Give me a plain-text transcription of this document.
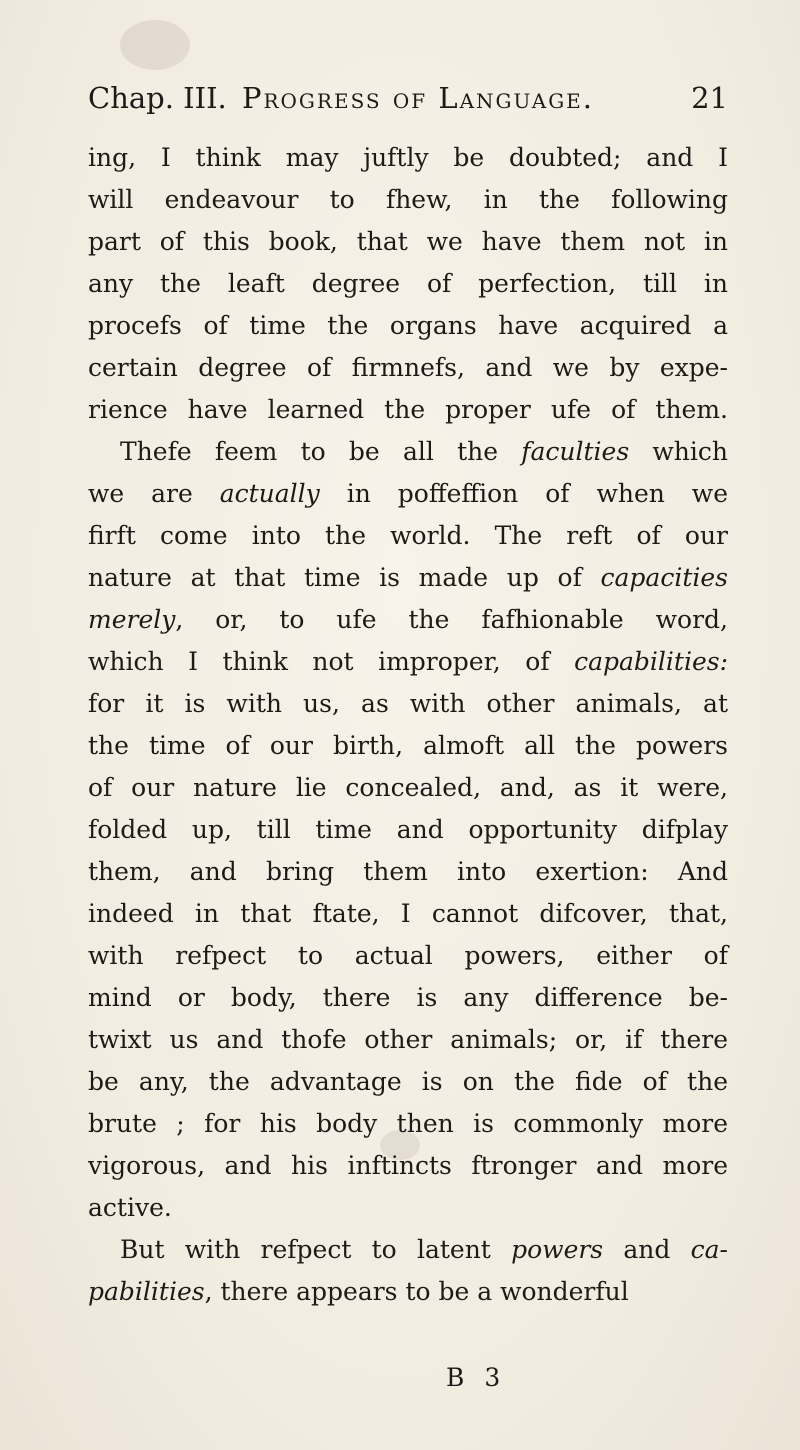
Chap. III. Progress of Language.	21
ing, I think may juftly be doubted; and I
will endeavour to fhew, in the following
part of this book, that we have them not in
any the leaft degree of perfection, till in
procefs of time the organs have acquired a
certain degree of firmnefs, and we by expe-
rience have learned the proper ufe of them.
Thefe feem to be all the faculties which
we are actually in poffeffion of when we
firft come into the world. The reft of our
nature at that time is made up of capacities
merely, or, to ufe the fafhionable word,
which I think not improper, of capabilities:
for it is with us, as with other animals, at
the time of our birth, almoft all the powers
of our nature lie concealed, and, as it were,
folded up, till time and opportunity difplay
them, and bring them into exertion: And
indeed in that ftate, I cannot difcover, that,
with refpect to actual powers, either of
mind or body, there is any difference be-
twixt us and thofe other animals; or, if there
be any, the advantage is on the fide of the
brute ; for his body then is commonly more
vigorous, and his inftincts ftronger and more
active.
But with refpect to latent powers and ca-
pabilities, there appears to be a wonderful
B 3
